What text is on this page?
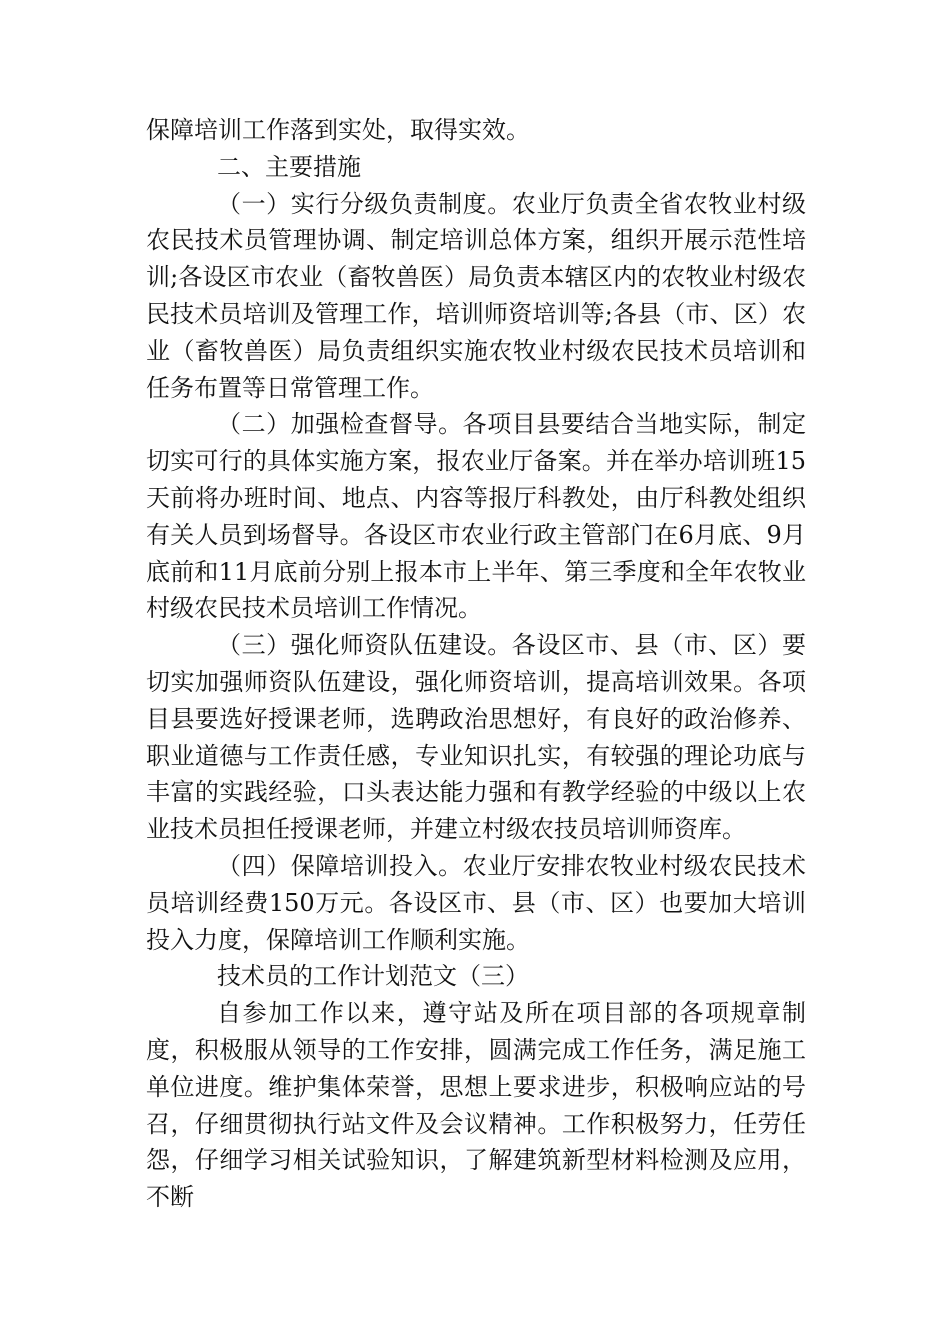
保障培训工作落到实处，取得实效。

二、主要措施

（一）实行分级负责制度。农业厅负责全省农牧业村级农民技术员管理协调、制定培训总体方案，组织开展示范性培训;各设区市农业（畜牧兽医）局负责本辖区内的农牧业村级农民技术员培训及管理工作，培训师资培训等;各县（市、区）农业（畜牧兽医）局负责组织实施农牧业村级农民技术员培训和任务布置等日常管理工作。

（二）加强检查督导。各项目县要结合当地实际，制定切实可行的具体实施方案，报农业厅备案。并在举办培训班15天前将办班时间、地点、内容等报厅科教处，由厅科教处组织有关人员到场督导。各设区市农业行政主管部门在6月底、9月底前和11月底前分别上报本市上半年、第三季度和全年农牧业村级农民技术员培训工作情况。

（三）强化师资队伍建设。各设区市、县（市、区）要切实加强师资队伍建设，强化师资培训，提高培训效果。各项目县要选好授课老师，选聘政治思想好，有良好的政治修养、职业道德与工作责任感，专业知识扎实，有较强的理论功底与丰富的实践经验，口头表达能力强和有教学经验的中级以上农业技术员担任授课老师，并建立村级农技员培训师资库。

（四）保障培训投入。农业厅安排农牧业村级农民技术员培训经费150万元。各设区市、县（市、区）也要加大培训投入力度，保障培训工作顺利实施。

技术员的工作计划范文（三）

自参加工作以来，遵守站及所在项目部的各项规章制度，积极服从领导的工作安排，圆满完成工作任务，满足施工单位进度。维护集体荣誉，思想上要求进步，积极响应站的号召，仔细贯彻执行站文件及会议精神。工作积极努力，任劳任怨，仔细学习相关试验知识，了解建筑新型材料检测及应用，不断
